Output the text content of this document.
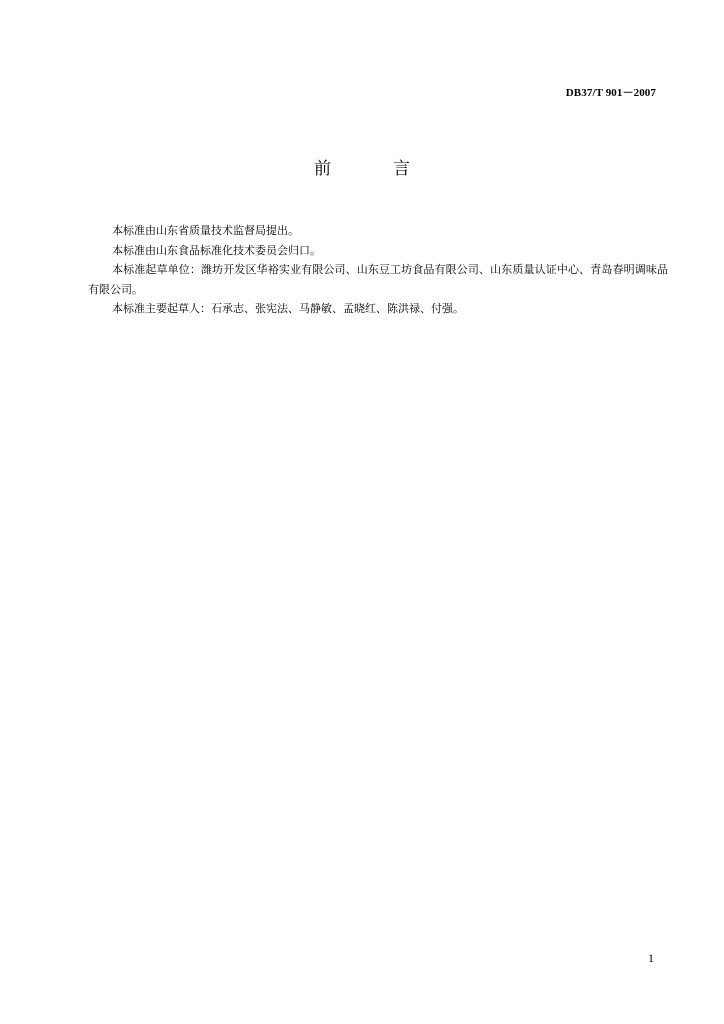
DB37/T 901－2007
前言

本标准由山东省质量技术监督局提出。

本标准由山东食品标准化技术委员会归口。

本标准起草单位：潍坊开发区华裕实业有限公司、山东豆工坊食品有限公司、山东质量认证中心、青岛春明调味品有限公司。

本标准主要起草人：石承志、张宪法、马静敏、孟晓红、陈洪禄、付强。

1
